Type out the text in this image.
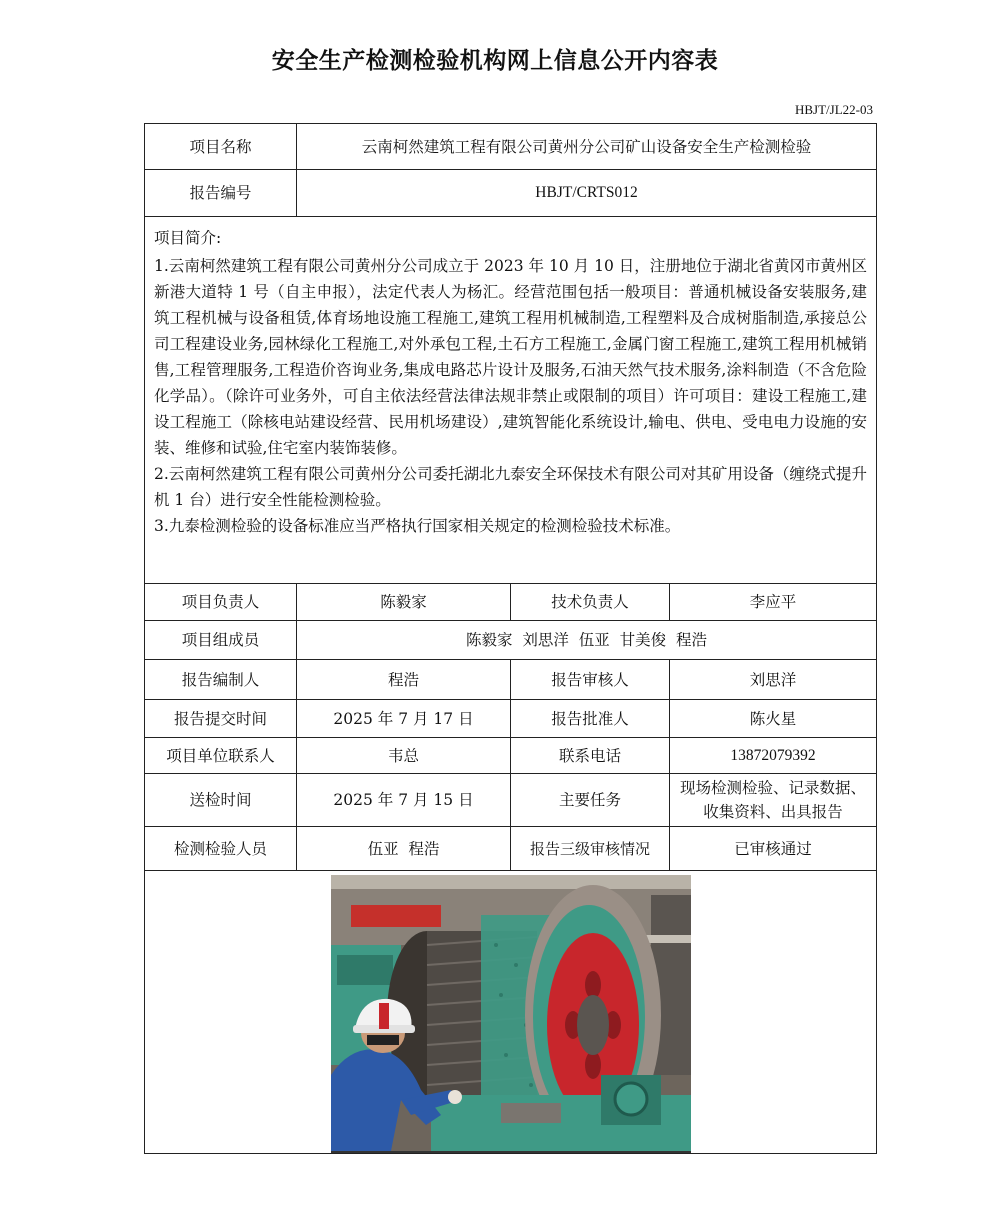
安全生产检测检验机构网上信息公开内容表
HBJT/JL22-03
项目名称	云南柯然建筑工程有限公司黄州分公司矿山设备安全生产检测检验		
报告编号	HBJT/CRTS012		

项目简介:

1.云南柯然建筑工程有限公司黄州分公司成立于 2023 年 10 月 10 日，注册地位于湖北省黄冈市黄州区新港大道特 1 号（自主申报），法定代表人为杨汇。经营范围包括一般项目：普通机械设备安装服务,建筑工程机械与设备租赁,体育场地设施工程施工,建筑工程用机械制造,工程塑料及合成树脂制造,承接总公司工程建设业务,园林绿化工程施工,对外承包工程,土石方工程施工,金属门窗工程施工,建筑工程用机械销售,工程管理服务,工程造价咨询业务,集成电路芯片设计及服务,石油天然气技术服务,涂料制造（不含危险化学品）。（除许可业务外，可自主依法经营法律法规非禁止或限制的项目）许可项目：建设工程施工,建设工程施工（除核电站建设经营、民用机场建设）,建筑智能化系统设计,输电、供电、受电电力设施的安装、维修和试验,住宅室内装饰装修。

2.云南柯然建筑工程有限公司黄州分公司委托湖北九泰安全环保技术有限公司对其矿用设备（缠绕式提升机 1 台）进行安全性能检测检验。

3.九泰检测检验的设备标准应当严格执行国家相关规定的检测检验技术标准。			

项目负责人	陈毅家	技术负责人	李应平
项目组成员	陈毅家  刘思洋  伍亚  甘美俊  程浩		
报告编制人	程浩	报告审核人	刘思洋
报告提交时间	2025 年 7 月 17 日	报告批准人	陈火星
项目单位联系人	韦总	联系电话	13872079392
送检时间	2025 年 7 月 15 日	主要任务	现场检测检验、记录数据、收集资料、出具报告
检测检验人员	伍亚  程浩	报告三级审核情况	已审核通过
